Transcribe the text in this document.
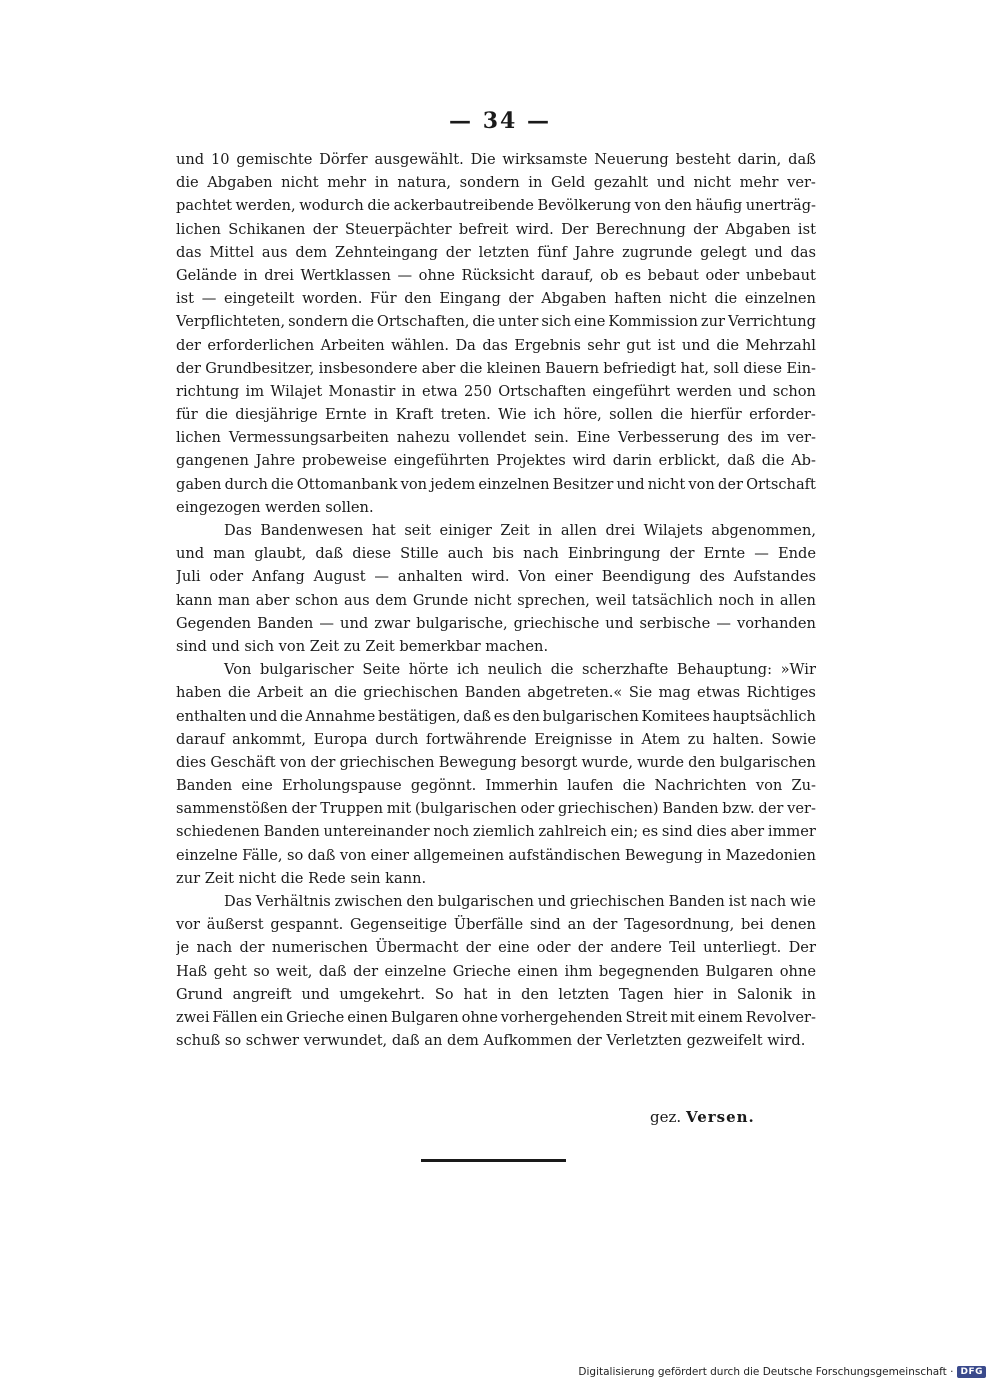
— 34 —
und 10 gemischte Dörfer ausgewählt. Die wirksamste Neuerung besteht darin, daß
die Abgaben nicht mehr in natura, sondern in Geld gezahlt und nicht mehr ver-
pachtet werden, wodurch die ackerbautreibende Bevölkerung von den häufig unerträg-
lichen Schikanen der Steuerpächter befreit wird. Der Berechnung der Abgaben ist
das Mittel aus dem Zehnteingang der letzten fünf Jahre zugrunde gelegt und das
Gelände in drei Wertklassen — ohne Rücksicht darauf, ob es bebaut oder unbebaut
ist — eingeteilt worden. Für den Eingang der Abgaben haften nicht die einzelnen
Verpflichteten, sondern die Ortschaften, die unter sich eine Kommission zur Verrichtung
der erforderlichen Arbeiten wählen. Da das Ergebnis sehr gut ist und die Mehrzahl
der Grundbesitzer, insbesondere aber die kleinen Bauern befriedigt hat, soll diese Ein-
richtung im Wilajet Monastir in etwa 250 Ortschaften eingeführt werden und schon
für die diesjährige Ernte in Kraft treten. Wie ich höre, sollen die hierfür erforder-
lichen Vermessungsarbeiten nahezu vollendet sein. Eine Verbesserung des im ver-
gangenen Jahre probeweise eingeführten Projektes wird darin erblickt, daß die Ab-
gaben durch die Ottomanbank von jedem einzelnen Besitzer und nicht von der Ortschaft
eingezogen werden sollen.
Das Bandenwesen hat seit einiger Zeit in allen drei Wilajets abgenommen,
und man glaubt, daß diese Stille auch bis nach Einbringung der Ernte — Ende
Juli oder Anfang August — anhalten wird. Von einer Beendigung des Aufstandes
kann man aber schon aus dem Grunde nicht sprechen, weil tatsächlich noch in allen
Gegenden Banden — und zwar bulgarische, griechische und serbische — vorhanden
sind und sich von Zeit zu Zeit bemerkbar machen.
Von bulgarischer Seite hörte ich neulich die scherzhafte Behauptung: »Wir
haben die Arbeit an die griechischen Banden abgetreten.« Sie mag etwas Richtiges
enthalten und die Annahme bestätigen, daß es den bulgarischen Komitees hauptsächlich
darauf ankommt, Europa durch fortwährende Ereignisse in Atem zu halten. Sowie
dies Geschäft von der griechischen Bewegung besorgt wurde, wurde den bulgarischen
Banden eine Erholungspause gegönnt. Immerhin laufen die Nachrichten von Zu-
sammenstößen der Truppen mit (bulgarischen oder griechischen) Banden bzw. der ver-
schiedenen Banden untereinander noch ziemlich zahlreich ein; es sind dies aber immer
einzelne Fälle, so daß von einer allgemeinen aufständischen Bewegung in Mazedonien
zur Zeit nicht die Rede sein kann.
Das Verhältnis zwischen den bulgarischen und griechischen Banden ist nach wie
vor äußerst gespannt. Gegenseitige Überfälle sind an der Tagesordnung, bei denen
je nach der numerischen Übermacht der eine oder der andere Teil unterliegt. Der
Haß geht so weit, daß der einzelne Grieche einen ihm begegnenden Bulgaren ohne
Grund angreift und umgekehrt. So hat in den letzten Tagen hier in Salonik in
zwei Fällen ein Grieche einen Bulgaren ohne vorhergehenden Streit mit einem Revolver-
schuß so schwer verwundet, daß an dem Aufkommen der Verletzten gezweifelt wird.
gez. Versen.
Digitalisierung gefördert durch die Deutsche Forschungsgemeinschaft · DFG
